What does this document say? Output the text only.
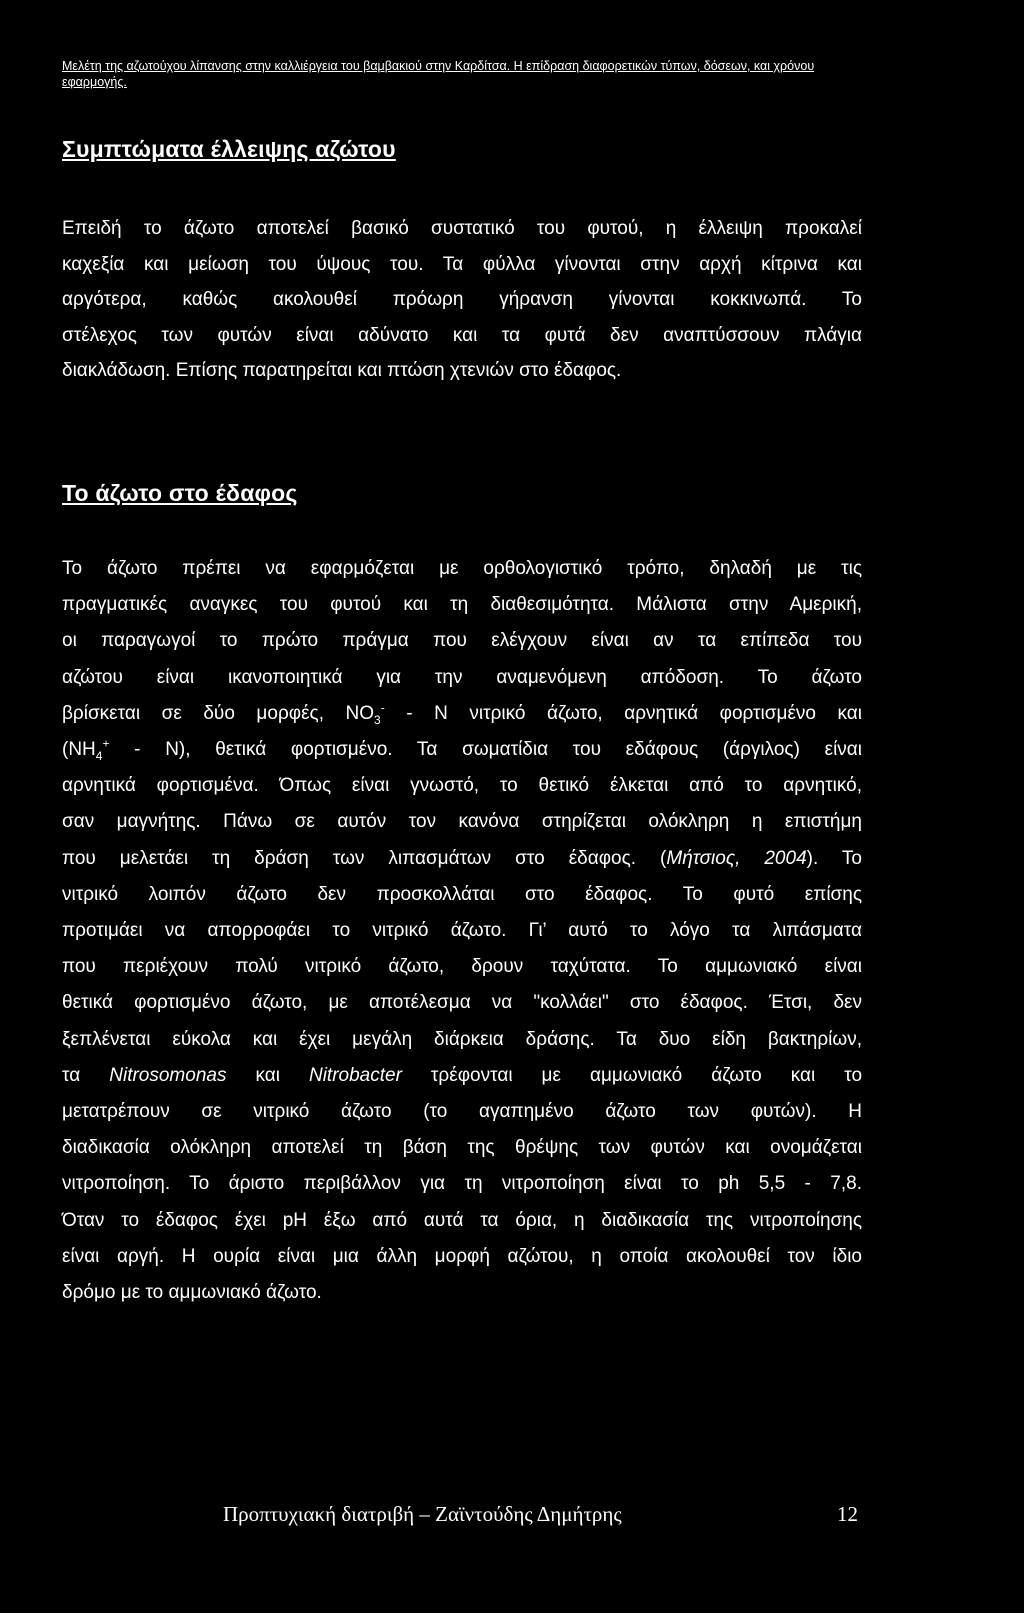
Μελέτη της αζωτούχου λίπανσης στην καλλιέργεια του βαμβακιού στην Καρδίτσα. Η επίδραση διαφορετικών τύπων, δόσεων, και χρόνου εφαρμογής.
Συμπτώματα έλλειψης αζώτου
Επειδή το άζωτο αποτελεί βασικό συστατικό του φυτού, η έλλειψη προκαλεί
καχεξία και μείωση του ύψους του. Τα φύλλα γίνονται στην αρχή κίτρινα και
αργότερα, καθώς ακολουθεί πρόωρη γήρανση γίνονται κοκκινωπά. Το
στέλεχος των φυτών είναι αδύνατο και τα φυτά δεν αναπτύσσουν πλάγια
διακλάδωση. Επίσης παρατηρείται και πτώση χτενιών στο έδαφος.
Το άζωτο στο έδαφος
Το άζωτο πρέπει να εφαρμόζεται με ορθολογιστικό τρόπο, δηλαδή με τις
πραγματικές αναγκες του φυτού και τη διαθεσιμότητα. Μάλιστα στην Αμερική,
οι παραγωγοί το πρώτο πράγμα που ελέγχουν είναι αν τα επίπεδα του
αζώτου είναι ικανοποιητικά για την αναμενόμενη απόδοση. Το άζωτο
βρίσκεται σε δύο μορφές, $NO_3^-$ - N νιτρικό άζωτο, αρνητικά φορτισμένο και
$(NH_4^+ - N)$, θετικά φορτισμένο. Τα σωματίδια του εδάφους (άργιλος) είναι
αρνητικά φορτισμένα. Όπως είναι γνωστό, το θετικό έλκεται από το αρνητικό,
σαν μαγνήτης. Πάνω σε αυτόν τον κανόνα στηρίζεται ολόκληρη η επιστήμη
που μελετάει τη δράση των λιπασμάτων στο έδαφος. (Μήτσιος, 2004). Το
νιτρικό λοιπόν άζωτο δεν προσκολλάται στο έδαφος. Το φυτό επίσης
προτιμάει να απορροφάει το νιτρικό άζωτο. Γι’ αυτό το λόγο τα λιπάσματα
που περιέχουν πολύ νιτρικό άζωτο, δρουν ταχύτατα. Το αμμωνιακό είναι
θετικά φορτισμένο άζωτο, με αποτέλεσμα να "κολλάει" στο έδαφος. Έτσι, δεν
ξεπλένεται εύκολα και έχει μεγάλη διάρκεια δράσης. Τα δυο είδη βακτηρίων,
τα Nitrosomonas και Nitrobacter τρέφονται με αμμωνιακό άζωτο και το
μετατρέπουν σε νιτρικό άζωτο (το αγαπημένο άζωτο των φυτών). Η
διαδικασία ολόκληρη αποτελεί τη βάση της θρέψης των φυτών και ονομάζεται
νιτροποίηση. Το άριστο περιβάλλον για τη νιτροποίηση είναι το ph 5,5 - 7,8.
Όταν το έδαφος έχει pH έξω από αυτά τα όρια, η διαδικασία της νιτροποίησης
είναι αργή. Η ουρία είναι μια άλλη μορφή αζώτου, η οποία ακολουθεί τον ίδιο
δρόμο με το αμμωνιακό άζωτο.
Προπτυχιακή διατριβή – Ζαϊντούδης Δημήτρης	12
